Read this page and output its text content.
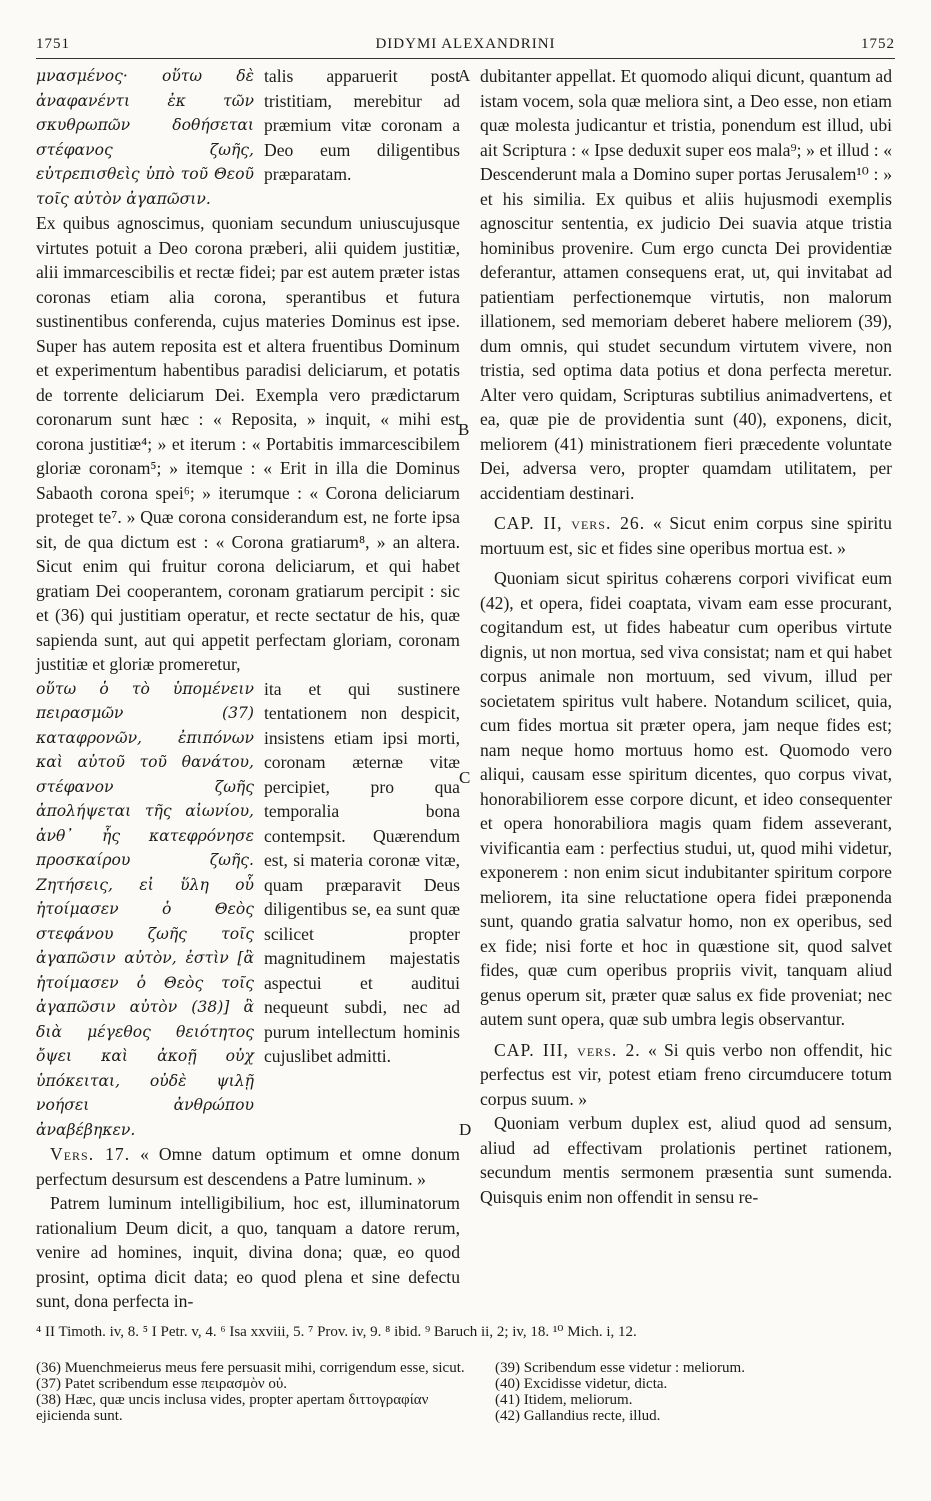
1751	DIDYMI ALEXANDRINI	1752
A
B
C
D

μνασμένος· οὕτω δὲ ἀναφανέντι ἐκ τῶν σκυθρωπῶν δοθήσεται στέφανος ζωῆς, εὐτρεπισθεὶς ὑπὸ τοῦ Θεοῦ τοῖς αὐτὸν ἀγαπῶσιν.

talis apparuerit post tristitiam, merebitur ad præmium vitæ coronam a Deo eum diligentibus præparatam.

Ex quibus agnoscimus, quoniam secundum uniuscujusque virtutes potuit a Deo corona præberi, alii quidem justitiæ, alii immarcescibilis et rectæ fidei; par est autem præter istas coronas etiam alia corona, sperantibus et futura sustinentibus conferenda, cujus materies Dominus est ipse. Super has autem reposita est et altera fruentibus Dominum et experimentum habentibus paradisi deliciarum, et potatis de torrente deliciarum Dei. Exempla vero prædictarum coronarum sunt hæc : « Reposita, » inquit, « mihi est corona justitiæ⁴; » et iterum : « Portabitis immarcescibilem gloriæ coronam⁵; » itemque : « Erit in illa die Dominus Sabaoth corona spei⁶; » iterumque : « Corona deliciarum proteget te⁷. » Quæ corona considerandum est, ne forte ipsa sit, de qua dictum est : « Corona gratiarum⁸, » an altera. Sicut enim qui fruitur corona deliciarum, et qui habet gratiam Dei cooperantem, coronam gratiarum percipit : sic et (36) qui justitiam operatur, et recte sectatur de his, quæ sapienda sunt, aut qui appetit perfectam gloriam, coronam justitiæ et gloriæ promeretur,

οὕτω ὁ τὸ ὑπομένειν πειρασμῶν (37) καταφρονῶν, ἐπιπόνων καὶ αὐτοῦ τοῦ θανάτου, στέφανον ζωῆς ἀπολήψεται τῆς αἰωνίου, ἀνθ᾽ ἧς κατεφρόνησε προσκαίρου ζωῆς. Ζητήσεις, εἰ ὕλη οὗ ἡτοίμασεν ὁ Θεὸς στεφάνου ζωῆς τοῖς ἀγαπῶσιν αὐτὸν, ἐστὶν [ἃ ἡτοίμασεν ὁ Θεὸς τοῖς ἀγαπῶσιν αὐτὸν (38)] ἃ διὰ μέγεθος θειότητος ὄψει καὶ ἀκοῇ οὐχ ὑπόκειται, οὐδὲ ψιλῇ νοήσει ἀνθρώπου ἀναβέβηκεν.

ita et qui sustinere tentationem non despicit, insistens etiam ipsi morti, coronam æternæ vitæ percipiet, pro qua temporalia bona contempsit. Quærendum est, si materia coronæ vitæ, quam præparavit Deus diligentibus se, ea sunt quæ scilicet propter magnitudinem majestatis aspectui et auditui nequeunt subdi, nec ad purum intellectum hominis cujuslibet admitti.

Vers. 17. « Omne datum optimum et omne donum perfectum desursum est descendens a Patre luminum. »

Patrem luminum intelligibilium, hoc est, illuminatorum rationalium Deum dicit, a quo, tanquam a datore rerum, venire ad homines, inquit, divina dona; quæ, eo quod prosint, optima dicit data; eo quod plena et sine defectu sunt, dona perfecta in-

dubitanter appellat. Et quomodo aliqui dicunt, quantum ad istam vocem, sola quæ meliora sint, a Deo esse, non etiam quæ molesta judicantur et tristia, ponendum est illud, ubi ait Scriptura : « Ipse deduxit super eos mala⁹; » et illud : « Descenderunt mala a Domino super portas Jerusalem¹⁰ : » et his similia. Ex quibus et aliis hujusmodi exemplis agnoscitur sententia, ex judicio Dei suavia atque tristia hominibus provenire. Cum ergo cuncta Dei providentiæ deferantur, attamen consequens erat, ut, qui invitabat ad patientiam perfectionemque virtutis, non malorum illationem, sed memoriam deberet habere meliorem (39), dum omnis, qui studet secundum virtutem vivere, non tristia, sed optima data potius et dona perfecta meretur. Alter vero quidam, Scripturas subtilius animadvertens, et ea, quæ pie de providentia sunt (40), exponens, dicit, meliorem (41) ministrationem fieri præcedente voluntate Dei, adversa vero, propter quamdam utilitatem, per accidentiam destinari.

CAP. II, vers. 26. « Sicut enim corpus sine spiritu mortuum est, sic et fides sine operibus mortua est. »

Quoniam sicut spiritus cohærens corpori vivificat eum (42), et opera, fidei coaptata, vivam eam esse procurant, cogitandum est, ut fides habeatur cum operibus virtute dignis, ut non mortua, sed viva consistat; nam et qui habet corpus animale non mortuum, sed vivum, illud per societatem spiritus vult habere. Notandum scilicet, quia, cum fides mortua sit præter opera, jam neque fides est; nam neque homo mortuus homo est. Quomodo vero aliqui, causam esse spiritum dicentes, quo corpus vivat, honorabiliorem esse corpore dicunt, et ideo consequenter et opera honorabiliora magis quam fidem asseverant, vivificantia eam : perfectius studui, ut, quod mihi videtur, exponerem : non enim sicut indubitanter spiritum corpore meliorem, ita sine reluctatione opera fidei præponenda sunt, quando gratia salvatur homo, non ex operibus, sed ex fide; nisi forte et hoc in quæstione sit, quod salvet fides, quæ cum operibus propriis vivit, tanquam aliud genus operum sit, præter quæ salus ex fide proveniat; nec autem sunt opera, quæ sub umbra legis observantur.

CAP. III, vers. 2. « Si quis verbo non offendit, hic perfectus est vir, potest etiam freno circumducere totum corpus suum. »

Quoniam verbum duplex est, aliud quod ad sensum, aliud ad effectivam prolationis pertinet rationem, secundum mentis sermonem præsentia sunt sumenda. Quisquis enim non offendit in sensu re-

⁴ II Timoth. iv, 8. ⁵ I Petr. v, 4. ⁶ Isa xxviii, 5. ⁷ Prov. iv, 9. ⁸ ibid. ⁹ Baruch ii, 2; iv, 18. ¹⁰ Mich. i, 12.

(36) Muenchmeierus meus fere persuasit mihi, corrigendum esse, sicut.

(37) Patet scribendum esse πειρασμὸν οὐ.

(38) Hæc, quæ uncis inclusa vides, propter apertam διττογραφίαν ejicienda sunt.

(39) Scribendum esse videtur : meliorum.

(40) Excidisse videtur, dicta.

(41) Itidem, meliorum.

(42) Gallandius recte, illud.
